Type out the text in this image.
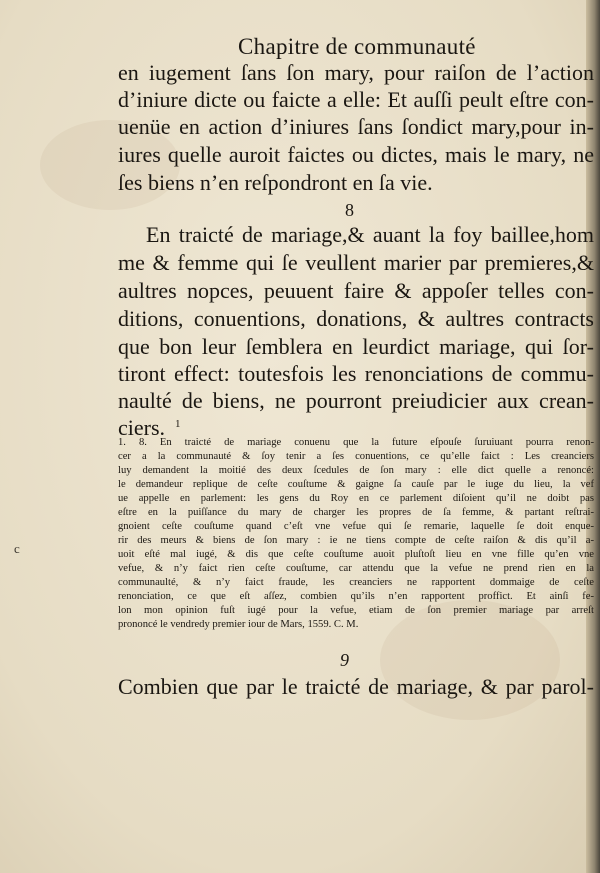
Chapitre de communauté
en iugement ſans ſon mary, pour raiſon de l’action
d’iniure dicte ou faicte a elle: Et auſſi peult eſtre con-
uenüe en action d’iniures ſans ſondict mary,pour in-
iures quelle auroit faictes ou dictes, mais le mary, ne
ſes biens n’en reſpondront en ſa vie.
8
En traicté de mariage,& auant la foy baillee,hom
me & femme qui ſe veullent marier par premieres,&
aultres nopces, peuuent faire & appoſer telles con-
ditions, conuentions, donations, & aultres contracts
que bon leur ſemblera en leurdict mariage, qui ſor-
tiront effect: toutesfois les renonciations de commu-
naulté de biens, ne pourront preiudicier aux crean-
ciers. $^1$
1. 8. En traicté de mariage conuenu que la future eſpouſe ſuruiuant pourra renon-
cer a la communauté & ſoy tenir a ſes conuentions, ce qu’elle faict : Les creanciers
luy demandent la moitié des deux ſcedules de ſon mary : elle dict quelle a renoncé:
le demandeur replique de ceſte couſtume & gaigne ſa cauſe par le iuge du lieu, la vef
ue appelle en parlement: les gens du Roy en ce parlement diſoient qu’il ne doibt pas
eſtre en la puiſſance du mary de charger les propres de ſa femme, & partant reſtrai-
gnoient ceſte couſtume quand c’eſt vne vefue qui ſe remarie, laquelle ſe doit enque-
rir des meurs & biens de ſon mary : ie ne tiens compte de ceſte raiſon & dis qu’il a-
uoit eſté mal iugé, & dis que ceſte couſtume auoit pluſtoſt lieu en vne fille qu’en vne
vefue, & n’y faict rien ceſte couſtume, car attendu que la vefue ne prend rien en la
communaulté, & n’y faict fraude, les creanciers ne rapportent dommaige de ceſte
renonciation, ce que eſt aſſez, combien qu’ils n’en rapportent proffict. Et ainſi fe-
lon mon opinion fuſt iugé pour la vefue, etiam de ſon premier mariage par arreſt
prononcé le vendredy premier iour de Mars, 1559. C. M.
9
Combien que par le traicté de mariage, & par parol-
c
